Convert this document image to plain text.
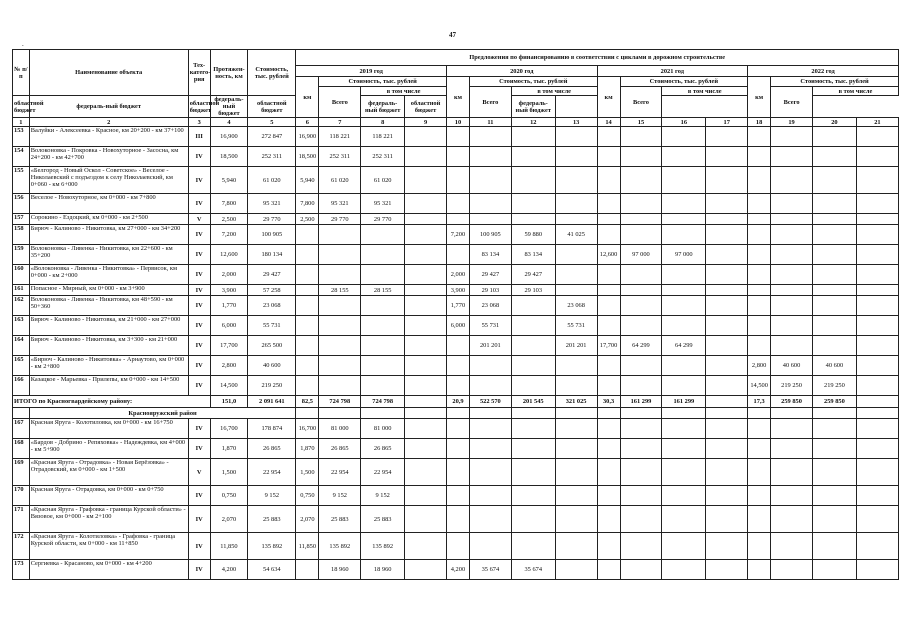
47
.
№ п/п	Наименование объекта	Тех-катего-рия	Протяжен-ность, км	Стоимость, тыс. рублей	Предложения по финансированию в соответствии с циклами в дорожном строительстве															
					2019 год				2020 год				2021 год				2022 год			
					км	Стоимость, тыс. рублей			км	Стоимость, тыс. рублей			км	Стоимость, тыс. рублей			км	Стоимость, тыс. рублей		
						Всего	в том числе			Всего	в том числе			Всего	в том числе			Всего	в том числе	
областной бюджет	федераль-ный бюджет	областной бюджет	федераль-ный бюджет	областной бюджет			федераль-ный бюджет	областной бюджет			федераль-ный бюджет									
1	2	3	4	5	6	7	8	9	10	11	12	13	14	15	16	17	18	19	20	21
153	Валуйки - Алексеевка - Красное, км 20+200 - км 37+100	III	16,900	272 847	16,900	118 221	118 221													
154	Волоконовка - Покровка - Новохуторное - Засосна, км 24+200 - км 42+700	IV	18,500	252 311	18,500	252 311	252 311													
155	«Белгород - Новый Оскол - Советское» - Веселое - Николаевский с подъездом к селу Николаевский, км 0+060 - км 6+000	IV	5,940	61 020	5,940	61 020	61 020													
156	Веселое - Новохуторное, км 0+000 - км 7+800	IV	7,800	95 321	7,800	95 321	95 321													
157	Сорокино - Ездоцкий, км 0+000 - км 2+500	V	2,500	29 770	2,500	29 770	29 770													
158	Бирюч - Калиново - Никитовка, км 27+000 - км 34+200	IV	7,200	100 905					7,200	100 905	59 880	41 025								
159	Волоконовка - Ливенка - Никитовка, км 22+600 - км 35+200	IV	12,600	180 134						83 134	83 134		12,600	97 000	97 000					
160	«Волоконовка - Ливенка - Никитовка» - Первисок, км 0+000 - км 2+000	IV	2,000	29 427					2,000	29 427	29 427									
161	Попасное - Мирный, км 0+000 - км 3+900	IV	3,900	57 258		28 155	28 155		3,900	29 103	29 103									
162	Волоконовка - Ливенка - Никитовка, км 48+590 - км 50+360	IV	1,770	23 068					1,770	23 068		23 068								
163	Бирюч - Калиново - Никитовка, км 21+000 - км 27+000	IV	6,000	55 731					6,000	55 731		55 731								
164	Бирюч - Калиново - Никитовка, км 3+300 - км 21+000	IV	17,700	265 500						201 201		201 201	17,700	64 299	64 299					
165	«Бирюч - Калиново - Никитовка» - Арнаутово, км 0+000 - км 2+800	IV	2,800	40 600													2,800	40 600	40 600	
166	Казацкое - Марьевка - Прилепы, км 0+000 - км 14+500	IV	14,500	219 250													14,500	219 250	219 250	
ИТОГО по Красногвардейскому району:			151,0	2 091 641	82,5	724 798	724 798		20,9	522 570	201 545	321 025	30,3	161 299	161 299		17,3	259 850	259 850	
	Краснояружский район																			
167	Красная Яруга - Колотиловка, км 0+000 - км 16+750	IV	16,700	178 874	16,700	81 000	81 000													
168	«Бардов - Добрино - Репяховка» - Надеждевка, км 4+000 - км 5+900	IV	1,870	26 865	1,870	26 865	26 865													
169	«Красная Яруга - Отрадовка» - Новая Берёзовка» - Отрадовский, км 0+000 - км 1+500	V	1,500	22 954	1,500	22 954	22 954													
170	Красная Яруга - Отрадовка, км 0+000 - км 0+750	IV	0,750	9 152	0,750	9 152	9 152													
171	«Красная Яруга - Графовка - граница Курской области» - Вязовое, км 0+000 - км 2+100	IV	2,070	25 883	2,070	25 883	25 883													
172	«Красная Яруга - Колотиловка» - Графовка - граница Курской области, км 0+000 - км 11+850	IV	11,850	135 892	11,850	135 892	135 892													
173	Сергиевка - Красаново, км 0+000 - км 4+200	IV	4,200	54 634		18 960	18 960		4,200	35 674	35 674									
